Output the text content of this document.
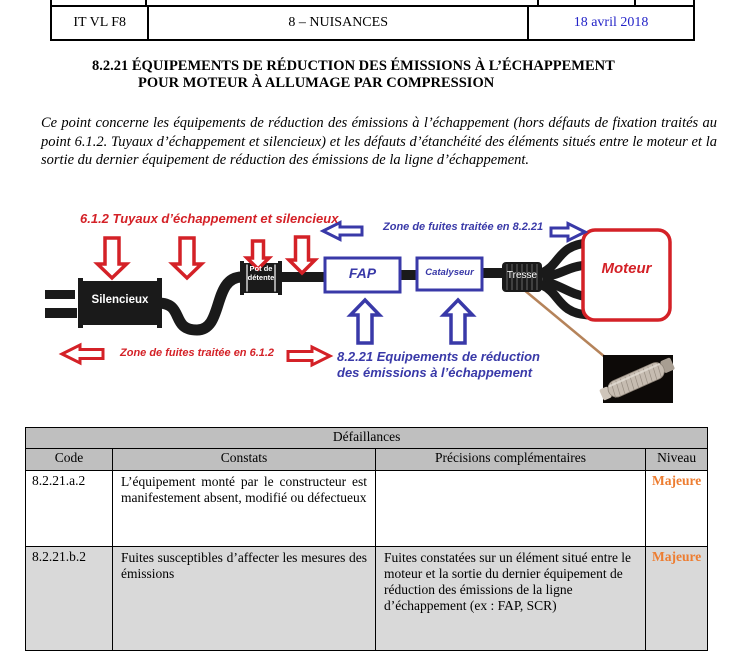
IT VL F8	8 – NUISANCES	18 avril 2018
8.2.21 ÉQUIPEMENTS DE RÉDUCTION DES ÉMISSIONS À L’ÉCHAPPEMENT
POUR MOTEUR À ALLUMAGE PAR COMPRESSION
Ce point concerne les équipements de réduction des émissions à l’échappement (hors défauts de fixation traités au point 6.1.2. Tuyaux d’échappement et silencieux) et les défauts d’étanchéité des éléments situés entre le moteur et la sortie du dernier équipement de réduction des émissions de la ligne d’échappement.
6.1.2 Tuyaux d’échappement et silencieux
Zone de fuites traitée en 8.2.21
Silencieux
Pot de détente	FAP	Catalyseur	Tresse	Moteur
Zone de fuites traitée en 6.1.2	8.2.21 Equipements de réduction
des émissions à l’échappement
Défaillances			
Code	Constats	Précisions complémentaires	Niveau
8.2.21.a.2	L’équipement monté par le constructeur est manifestement absent, modifié ou défectueux		Majeure
8.2.21.b.2	Fuites susceptibles d’affecter les mesures des émissions	Fuites constatées sur un élément situé entre le moteur et la sortie du dernier équipement de réduction des émissions de la ligne d’échappement (ex : FAP, SCR)	Majeure
